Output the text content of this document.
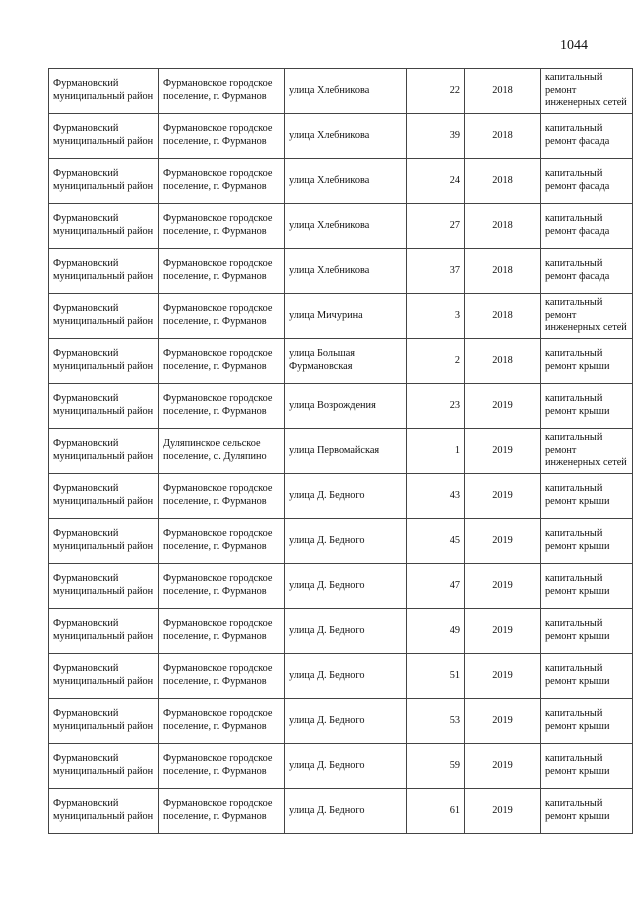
1044
Фурмановский муниципальный район	Фурмановское городское поселение, г. Фурманов	улица Хлебникова	22	2018	капитальный ремонт инженерных сетей
Фурмановский муниципальный район	Фурмановское городское поселение, г. Фурманов	улица Хлебникова	39	2018	капитальный ремонт фасада
Фурмановский муниципальный район	Фурмановское городское поселение, г. Фурманов	улица Хлебникова	24	2018	капитальный ремонт фасада
Фурмановский муниципальный район	Фурмановское городское поселение, г. Фурманов	улица Хлебникова	27	2018	капитальный ремонт фасада
Фурмановский муниципальный район	Фурмановское городское поселение, г. Фурманов	улица Хлебникова	37	2018	капитальный ремонт фасада
Фурмановский муниципальный район	Фурмановское городское поселение, г. Фурманов	улица Мичурина	3	2018	капитальный ремонт инженерных сетей
Фурмановский муниципальный район	Фурмановское городское поселение, г. Фурманов	улица Большая Фурмановская	2	2018	капитальный ремонт крыши
Фурмановский муниципальный район	Фурмановское городское поселение, г. Фурманов	улица Возрождения	23	2019	капитальный ремонт крыши
Фурмановский муниципальный район	Дуляпинское сельское поселение, с. Дуляпино	улица Первомайская	1	2019	капитальный ремонт инженерных сетей
Фурмановский муниципальный район	Фурмановское городское поселение, г. Фурманов	улица Д. Бедного	43	2019	капитальный ремонт крыши
Фурмановский муниципальный район	Фурмановское городское поселение, г. Фурманов	улица Д. Бедного	45	2019	капитальный ремонт крыши
Фурмановский муниципальный район	Фурмановское городское поселение, г. Фурманов	улица Д. Бедного	47	2019	капитальный ремонт крыши
Фурмановский муниципальный район	Фурмановское городское поселение, г. Фурманов	улица Д. Бедного	49	2019	капитальный ремонт крыши
Фурмановский муниципальный район	Фурмановское городское поселение, г. Фурманов	улица Д. Бедного	51	2019	капитальный ремонт крыши
Фурмановский муниципальный район	Фурмановское городское поселение, г. Фурманов	улица Д. Бедного	53	2019	капитальный ремонт крыши
Фурмановский муниципальный район	Фурмановское городское поселение, г. Фурманов	улица Д. Бедного	59	2019	капитальный ремонт крыши
Фурмановский муниципальный район	Фурмановское городское поселение, г. Фурманов	улица Д. Бедного	61	2019	капитальный ремонт крыши
